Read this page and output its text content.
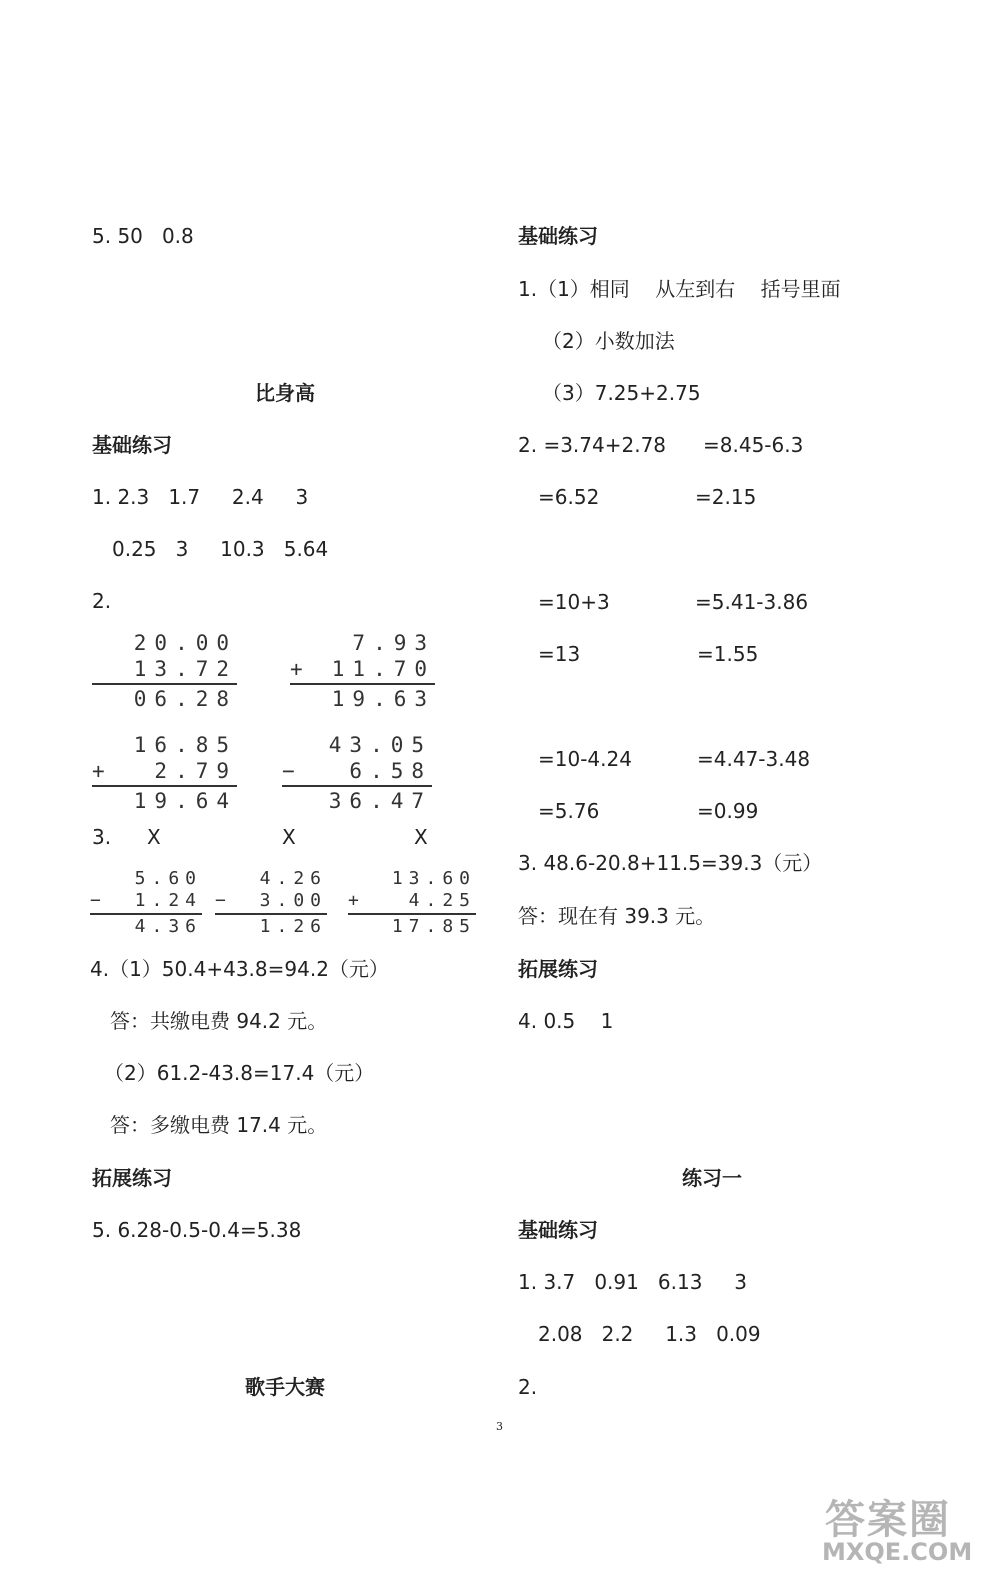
5. 50   0.8
比身高
基础练习
1. 2.3   1.7     2.4     3
0.25   3     10.3   5.64
2.
20.00
13.72
06.28
7.93
+ 11.70
19.63
16.85
+ 2.79
19.64
43.05
− 6.58
36.47
3. X	X	X
5.60
− 1.24
4.36
4.26
− 3.00
1.26
13.60
+ 4.25
17.85
4.（1）50.4+43.8=94.2（元）
答：共缴电费 94.2 元。
（2）61.2-43.8=17.4（元）
答：多缴电费 17.4 元。
拓展练习
5. 6.28-0.5-0.4=5.38
歌手大赛
基础练习
1.（1）相同    从左到右    括号里面
（2）小数加法
（3）7.25+2.75
2. =3.74+2.78 =8.45-6.3
=6.52	=2.15
=10+3	=5.41-3.86
=13	=1.55
=10-4.24	=4.47-3.48
=5.76	=0.99
3. 48.6-20.8+11.5=39.3（元）
答：现在有 39.3 元。
拓展练习
4. 0.5    1
练习一
基础练习
1. 3.7   0.91   6.13     3
2.08   2.2     1.3   0.09
2.
3
答案圈
MXQE.COM
